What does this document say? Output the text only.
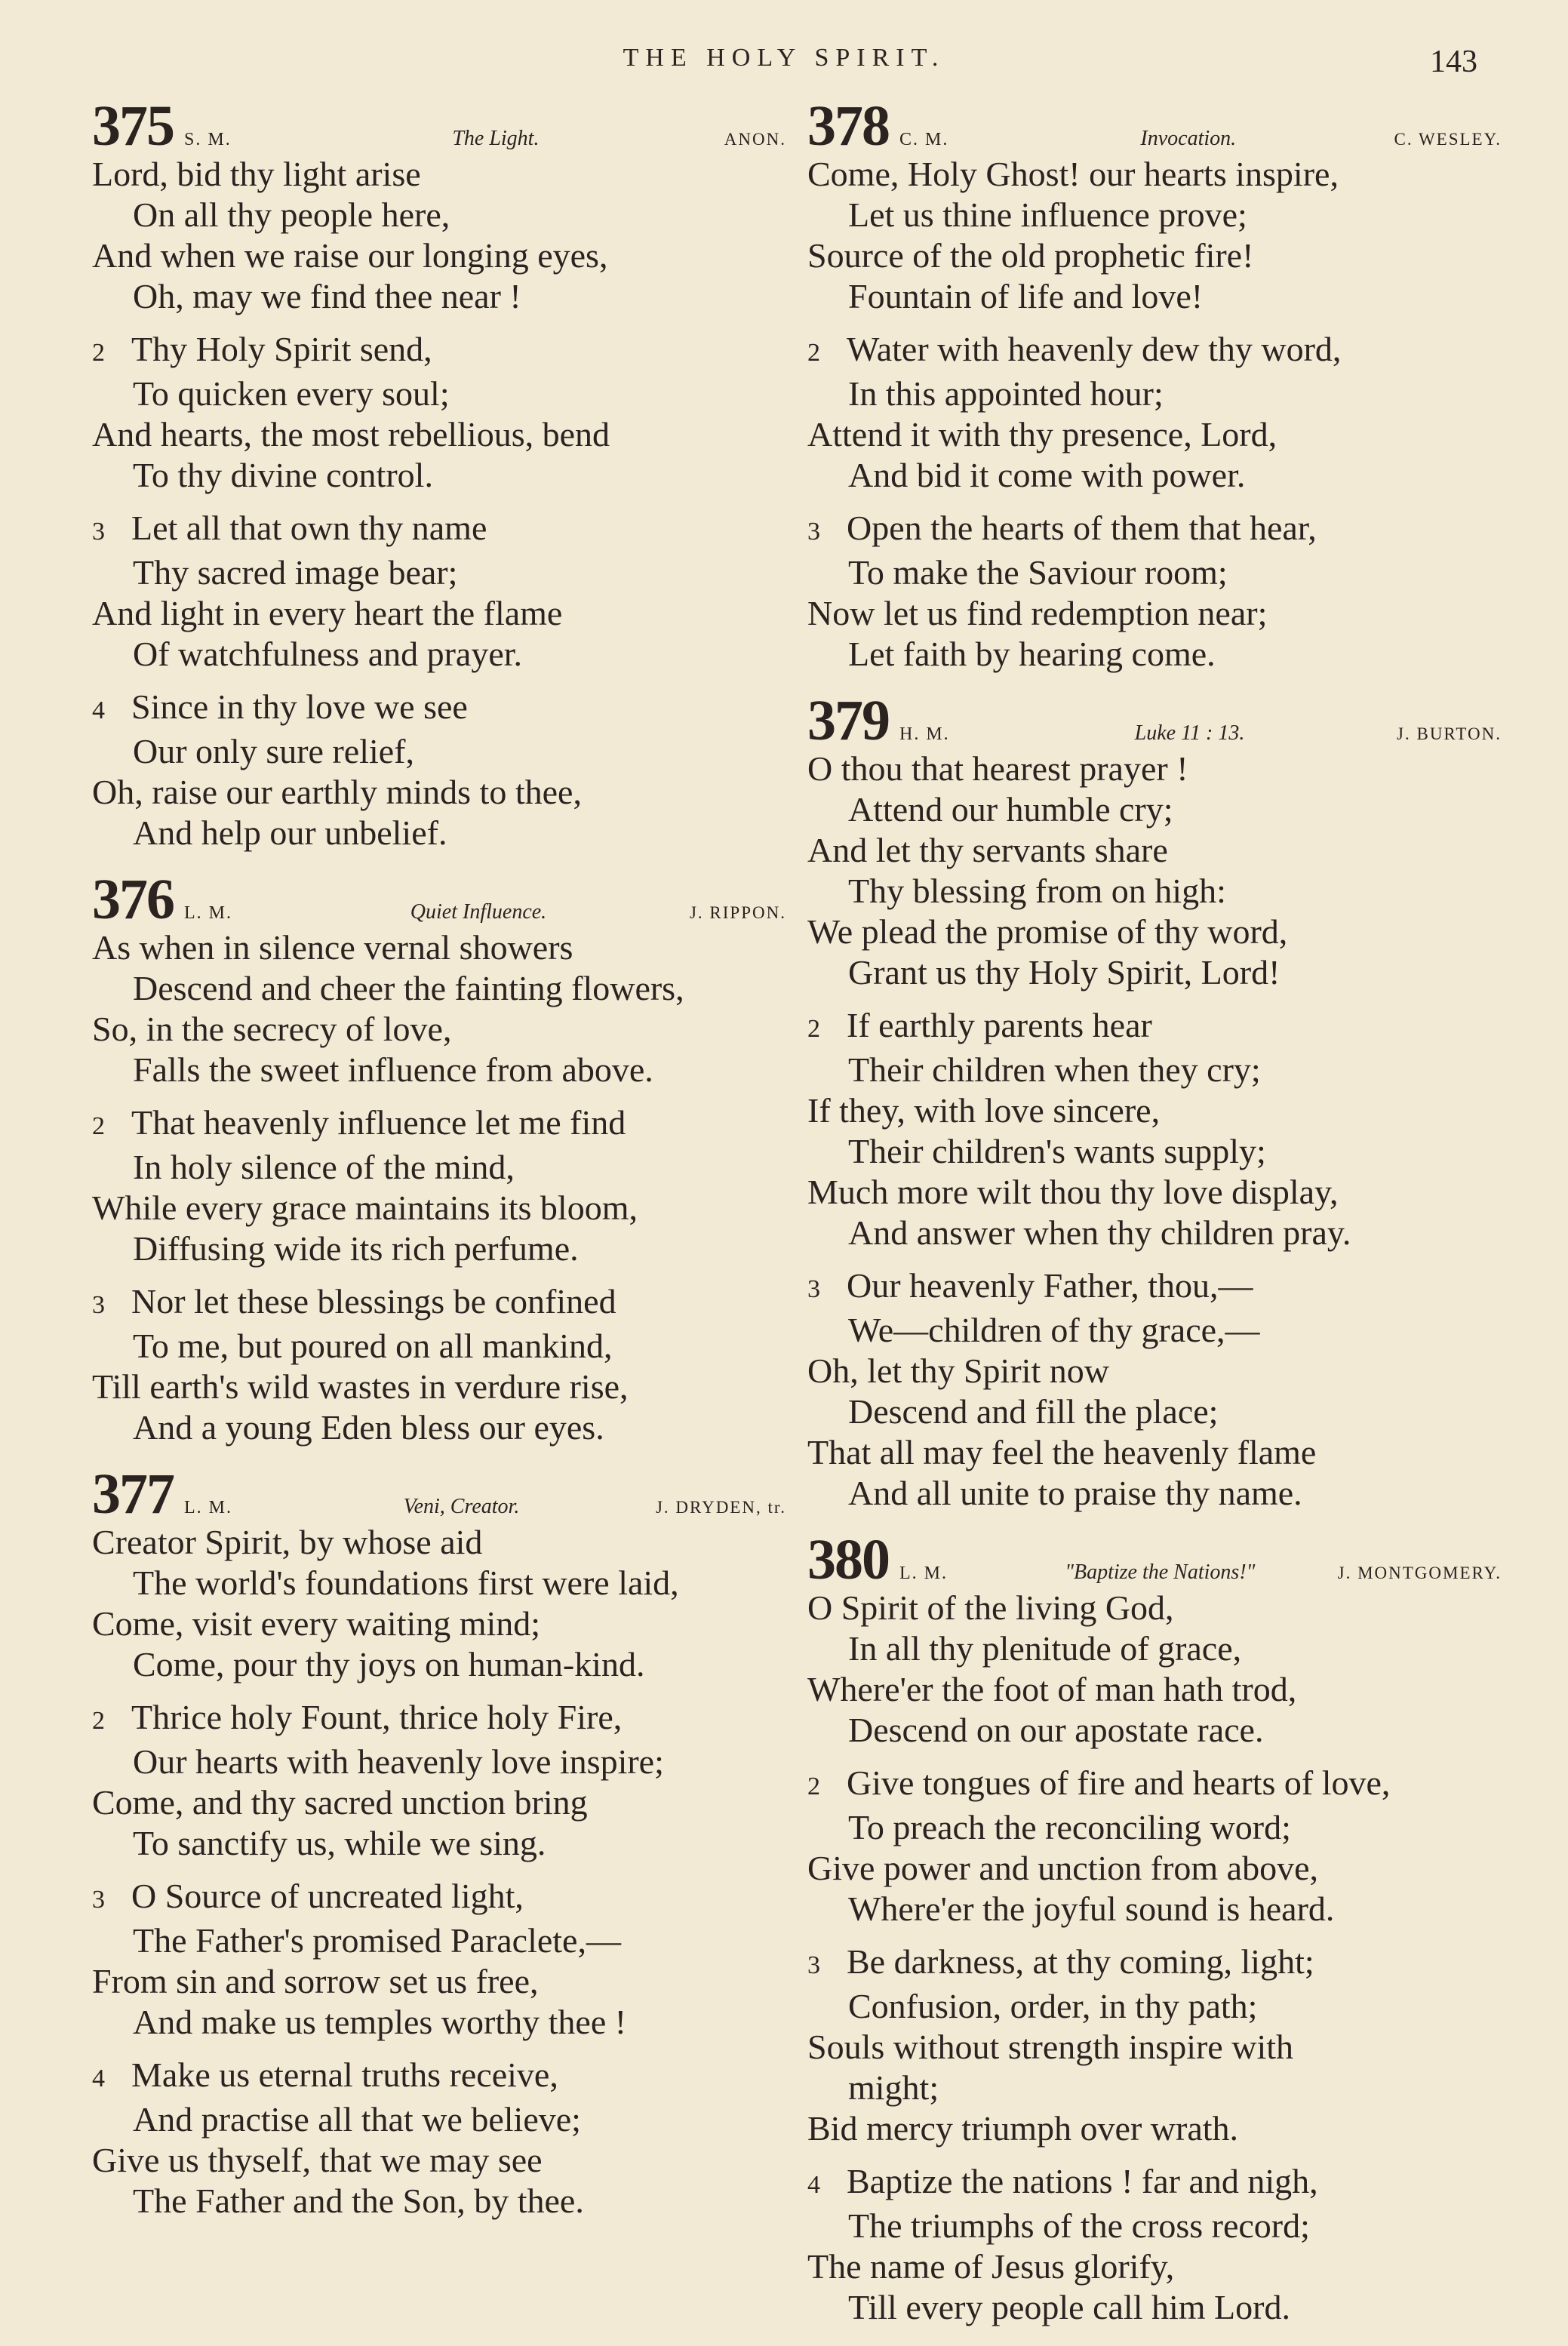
THE HOLY SPIRIT.	143
375 S. M.	The Light.	ANON.
Lord, bid thy light arise
On all thy people here,
And when we raise our longing eyes,
Oh, may we find thee near !
2 Thy Holy Spirit send,
To quicken every soul;
And hearts, the most rebellious, bend
To thy divine control.
3 Let all that own thy name
Thy sacred image bear;
And light in every heart the flame
Of watchfulness and prayer.
4 Since in thy love we see
Our only sure relief,
Oh, raise our earthly minds to thee,
And help our unbelief.
376 L. M.	Quiet Influence.	J. RIPPON.
As when in silence vernal showers
Descend and cheer the fainting flowers,
So, in the secrecy of love,
Falls the sweet influence from above.
2 That heavenly influence let me find
In holy silence of the mind,
While every grace maintains its bloom,
Diffusing wide its rich perfume.
3 Nor let these blessings be confined
To me, but poured on all mankind,
Till earth's wild wastes in verdure rise,
And a young Eden bless our eyes.
377 L. M.	Veni, Creator.	J. DRYDEN, tr.
Creator Spirit, by whose aid
The world's foundations first were laid,
Come, visit every waiting mind;
Come, pour thy joys on human-kind.
2 Thrice holy Fount, thrice holy Fire,
Our hearts with heavenly love inspire;
Come, and thy sacred unction bring
To sanctify us, while we sing.
3 O Source of uncreated light,
The Father's promised Paraclete,—
From sin and sorrow set us free,
And make us temples worthy thee !
4 Make us eternal truths receive,
And practise all that we believe;
Give us thyself, that we may see
The Father and the Son, by thee.
378 C. M.	Invocation.	C. WESLEY.
Come, Holy Ghost! our hearts inspire,
Let us thine influence prove;
Source of the old prophetic fire!
Fountain of life and love!
2 Water with heavenly dew thy word,
In this appointed hour;
Attend it with thy presence, Lord,
And bid it come with power.
3 Open the hearts of them that hear,
To make the Saviour room;
Now let us find redemption near;
Let faith by hearing come.
379 H. M.	Luke 11 : 13.	J. BURTON.
O thou that hearest prayer !
Attend our humble cry;
And let thy servants share
Thy blessing from on high:
We plead the promise of thy word,
Grant us thy Holy Spirit, Lord!
2 If earthly parents hear
Their children when they cry;
If they, with love sincere,
Their children's wants supply;
Much more wilt thou thy love display,
And answer when thy children pray.
3 Our heavenly Father, thou,—
We—children of thy grace,—
Oh, let thy Spirit now
Descend and fill the place;
That all may feel the heavenly flame
And all unite to praise thy name.
380 L. M.	"Baptize the Nations!"	J. MONTGOMERY.
O Spirit of the living God,
In all thy plenitude of grace,
Where'er the foot of man hath trod,
Descend on our apostate race.
2 Give tongues of fire and hearts of love,
To preach the reconciling word;
Give power and unction from above,
Where'er the joyful sound is heard.
3 Be darkness, at thy coming, light;
Confusion, order, in thy path;
Souls without strength inspire with
might;
Bid mercy triumph over wrath.
4 Baptize the nations ! far and nigh,
The triumphs of the cross record;
The name of Jesus glorify,
Till every people call him Lord.
